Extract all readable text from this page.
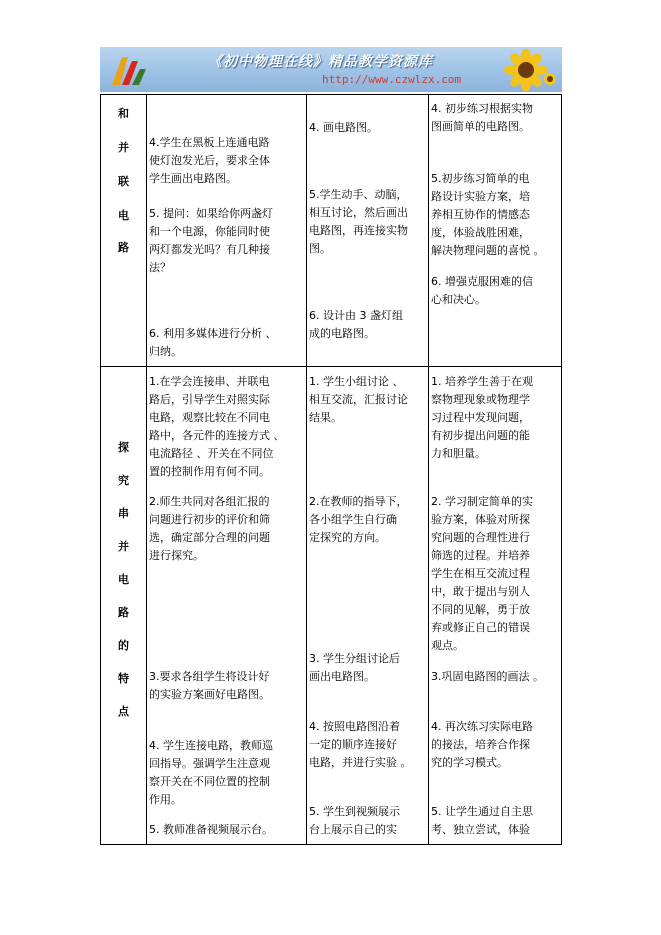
《初中物理在线》精品教学资源库
http://www.czwlzx.com
和
并
联
电
路
4.学生在黑板上连通电路
使灯泡发光后，要求全体
学生画出电路图。
5. 提问：如果给你两盏灯
和一个电源，你能同时使
两灯都发光吗？有几种接
法？
6. 利用多媒体进行分析 、
归纳。
4. 画电路图。
5.学生动手、动脑，
相互讨论，然后画出
电路图，再连接实物
图。
6. 设计由 3 盏灯组
成的电路图。
4. 初步练习根据实物
图画简单的电路图。
5.初步练习简单的电
路设计实验方案，培
养相互协作的情感态
度，体验战胜困难，
解决物理问题的喜悦 。
6. 增强克服困难的信
心和决心。
探
究
串
并
电
路
的
特
点
1.在学会连接串、并联电
路后，引导学生对照实际
电路，观察比较在不同电
路中，各元件的连接方式 、
电流路径 、开关在不同位
置的控制作用有何不同。
2.师生共同对各组汇报的
问题进行初步的评价和筛
选，确定部分合理的问题
进行探究。
3.要求各组学生将设计好
的实验方案画好电路图。
4. 学生连接电路，教师巡
回指导。强调学生注意观
察开关在不同位置的控制
作用。
5. 教师准备视频展示台。
1. 学生小组讨论 、
相互交流，汇报讨论
结果。
2.在教师的指导下，
各小组学生自行确
定探究的方向。
3. 学生分组讨论后
画出电路图。
4. 按照电路图沿着
一定的顺序连接好
电路，并进行实验 。
5. 学生到视频展示
台上展示自己的实
1. 培养学生善于在观
察物理现象或物理学
习过程中发现问题，
有初步提出问题的能
力和胆量。
2. 学习制定简单的实
验方案，体验对所探
究问题的合理性进行
筛选的过程。并培养
学生在相互交流过程
中，敢于提出与别人
不同的见解，勇于放
弃或修正自己的错误
观点。
3.巩固电路图的画法 。
4. 再次练习实际电路
的接法，培养合作探
究的学习模式。
5. 让学生通过自主思
考、独立尝试，体验
